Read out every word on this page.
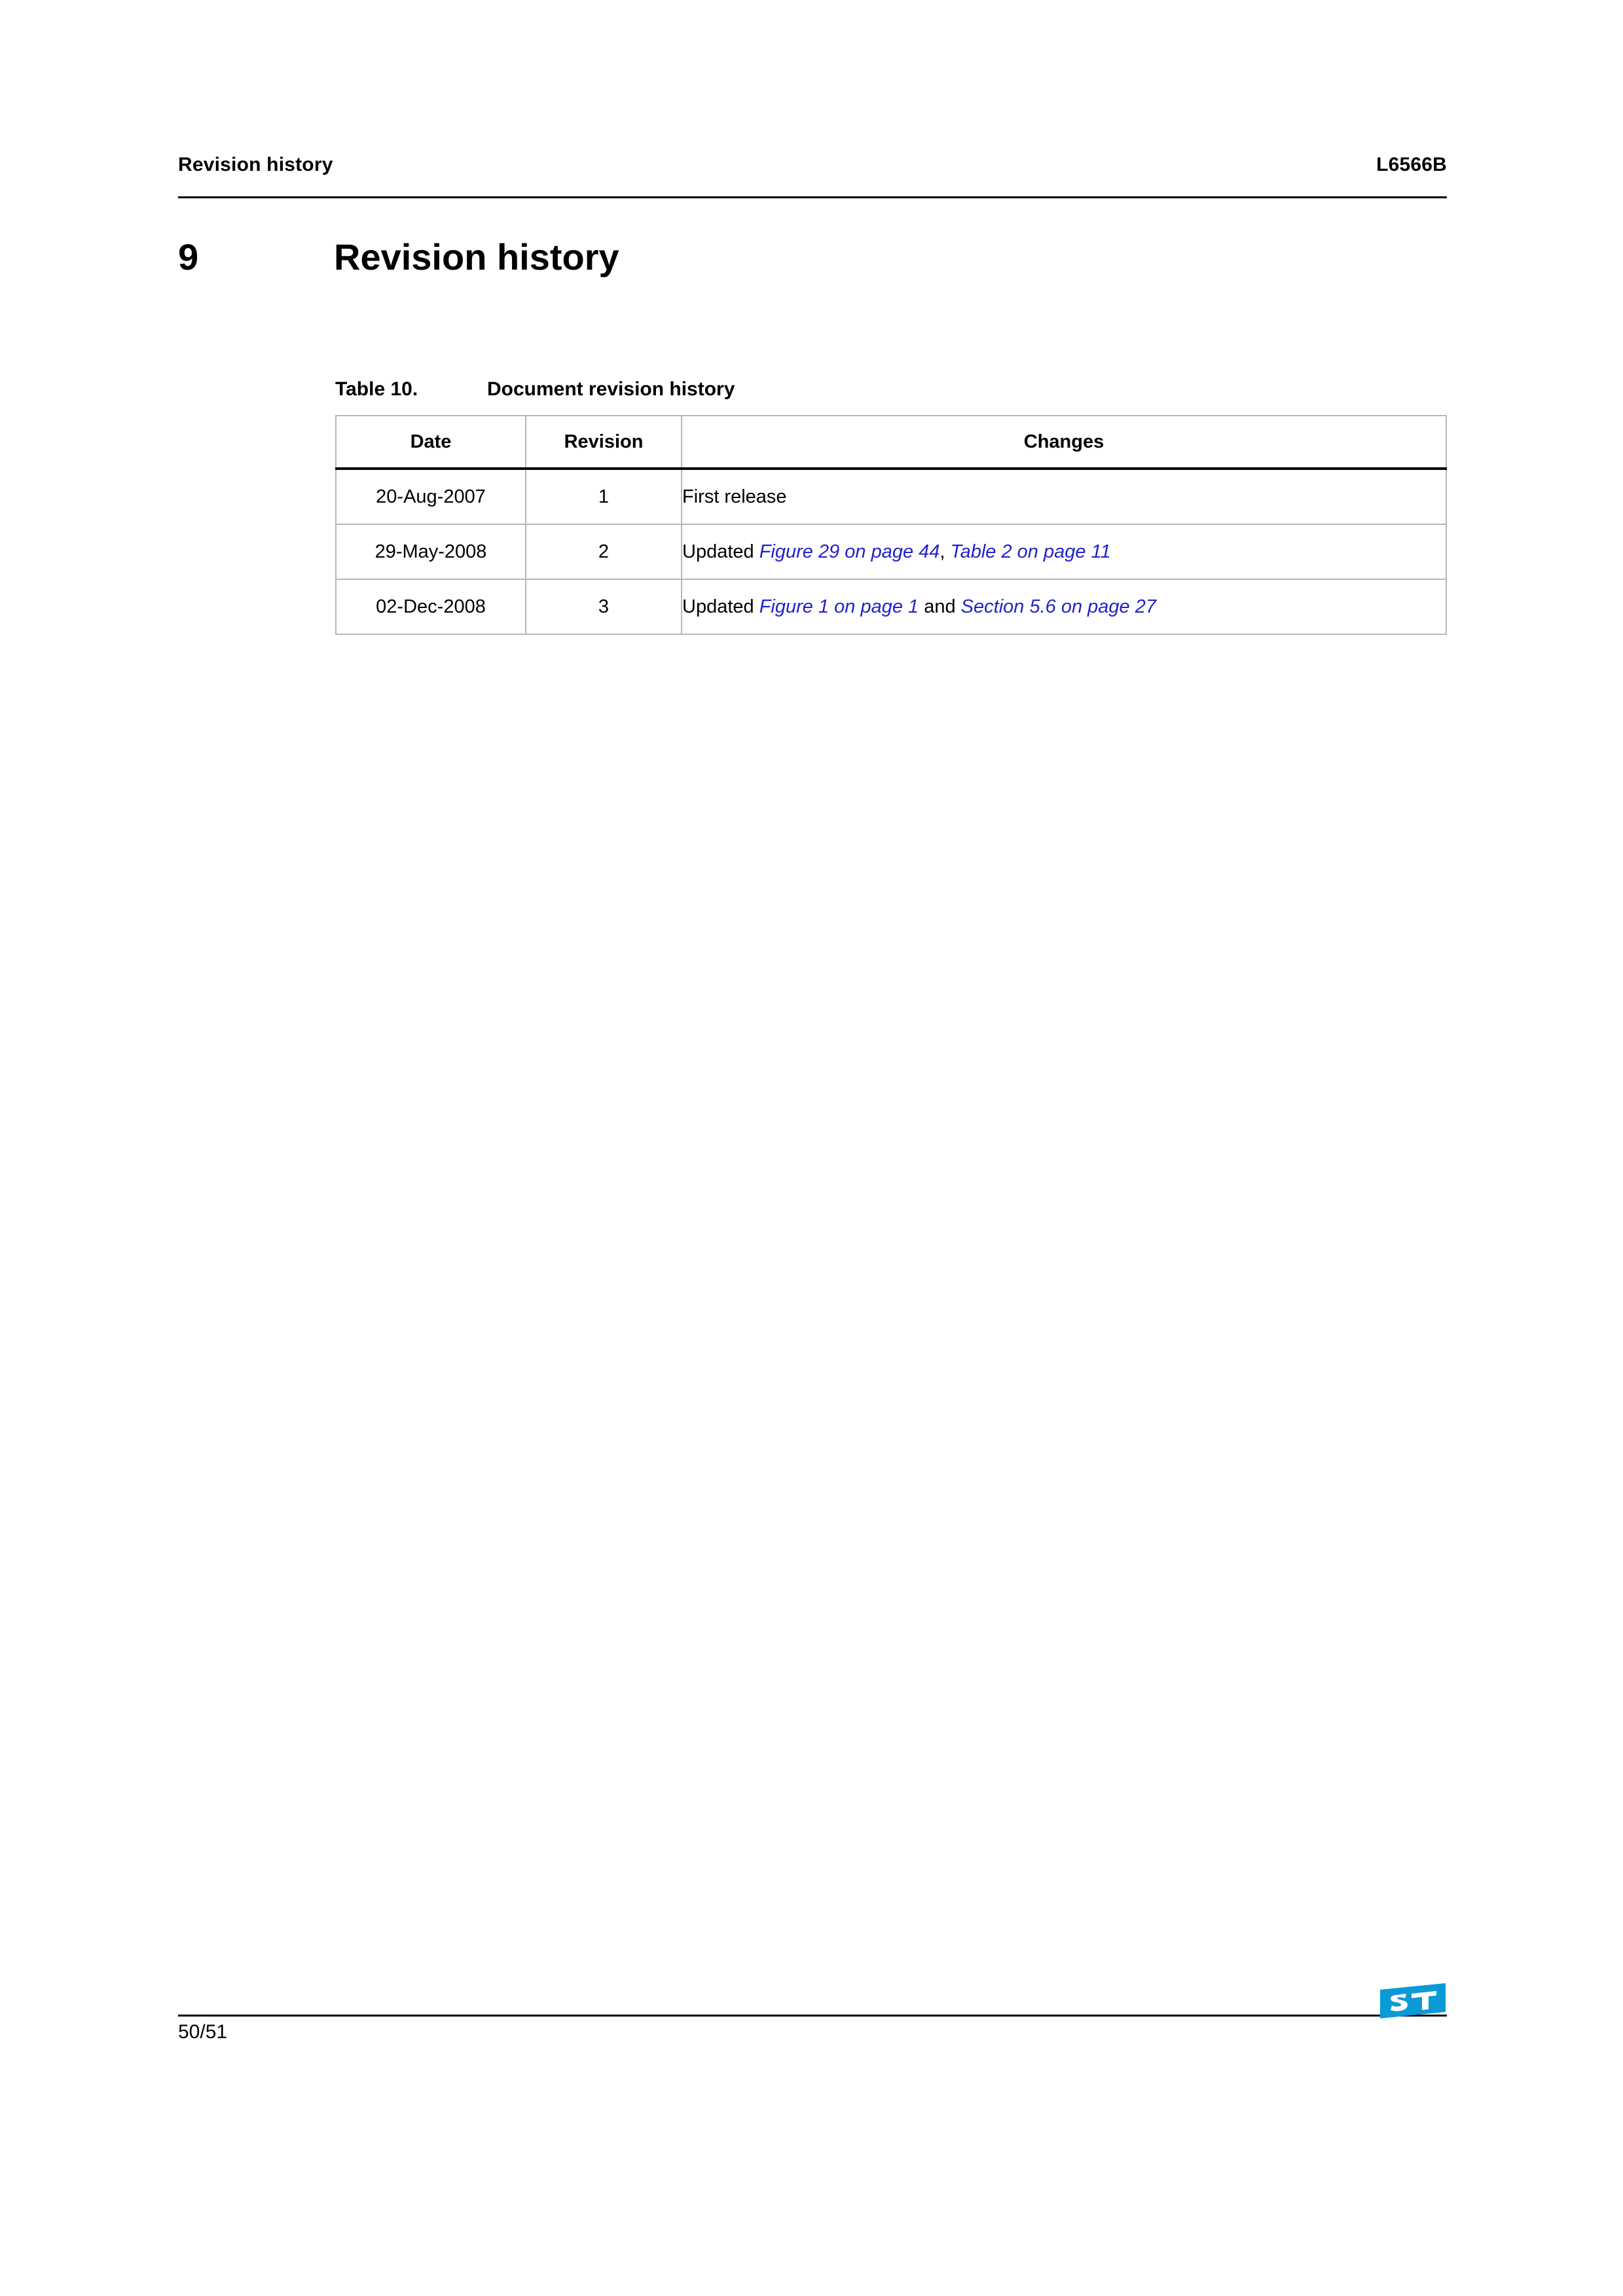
Revision history	L6566B
9	Revision history
Table 10.	Document revision history
Date	Revision	Changes
20-Aug-2007	1	First release
29-May-2008	2	Updated Figure 29 on page 44, Table 2 on page 11
02-Dec-2008	3	Updated Figure 1 on page 1 and Section 5.6 on page 27
50/51
